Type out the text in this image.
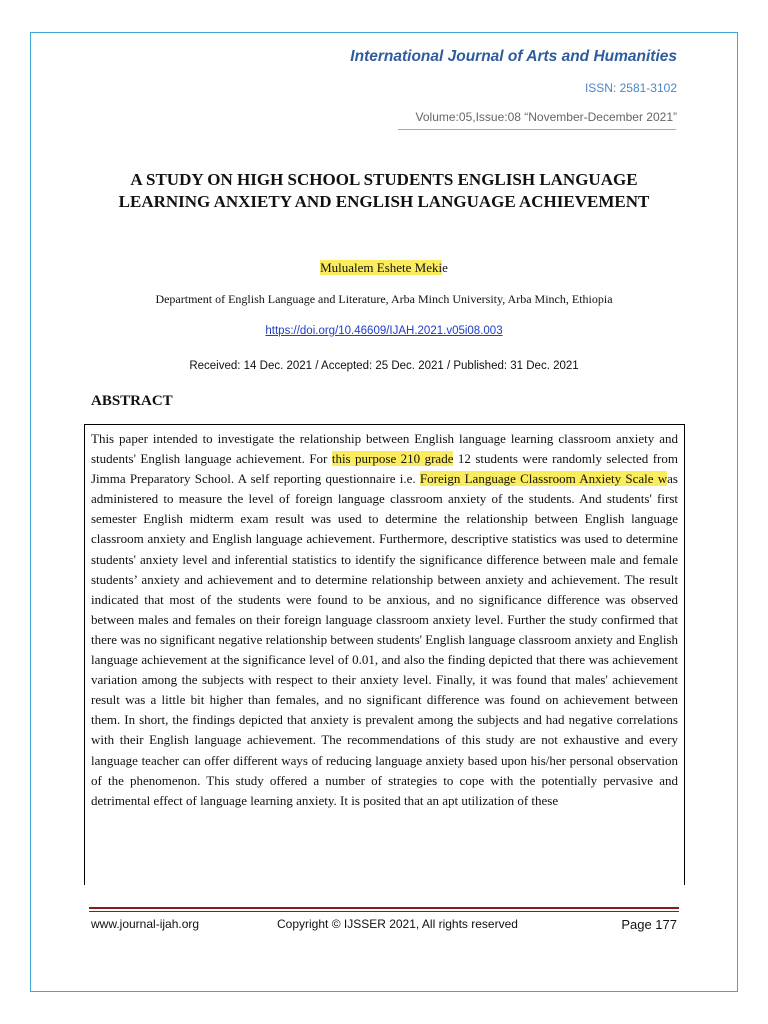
International Journal of Arts and Humanities
ISSN: 2581-3102
Volume:05,Issue:08 “November-December 2021”
A STUDY ON HIGH SCHOOL STUDENTS ENGLISH LANGUAGE
LEARNING ANXIETY AND ENGLISH LANGUAGE ACHIEVEMENT
Mulualem Eshete Mekie
Department of English Language and Literature, Arba Minch University, Arba Minch, Ethiopia
https://doi.org/10.46609/IJAH.2021.v05i08.003
Received: 14 Dec. 2021 / Accepted: 25 Dec. 2021 / Published: 31 Dec. 2021
ABSTRACT

This paper intended to investigate the relationship between English language learning classroom anxiety and students' English language achievement. For this purpose 210 grade 12 students were randomly selected from Jimma Preparatory School. A self reporting questionnaire i.e. Foreign Language Classroom Anxiety Scale was administered to measure the level of foreign language classroom anxiety of the students. And students' first semester English midterm exam result was used to determine the relationship between English language classroom anxiety and English language achievement. Furthermore, descriptive statistics was used to determine students' anxiety level and inferential statistics to identify the significance difference between male and female students’ anxiety and achievement and to determine relationship between anxiety and achievement. The result indicated that most of the students were found to be anxious, and no significance difference was observed between males and females on their foreign language classroom anxiety level. Further the study confirmed that there was no significant negative relationship between students' English language classroom anxiety and English language achievement at the significance level of 0.01, and also the finding depicted that there was achievement variation among the subjects with respect to their anxiety level. Finally, it was found that males' achievement result was a little bit higher than females, and no significant difference was found on achievement between them. In short, the findings depicted that anxiety is prevalent among the subjects and had negative correlations with their English language achievement. The recommendations of this study are not exhaustive and every language teacher can offer different ways of reducing language anxiety based upon his/her personal observation of the phenomenon. This study offered a number of strategies to cope with the potentially pervasive and detrimental effect of language learning anxiety. It is posited that an apt utilization of these

www.journal-ijah.org	Copyright © IJSSER 2021, All rights reserved	Page 177
